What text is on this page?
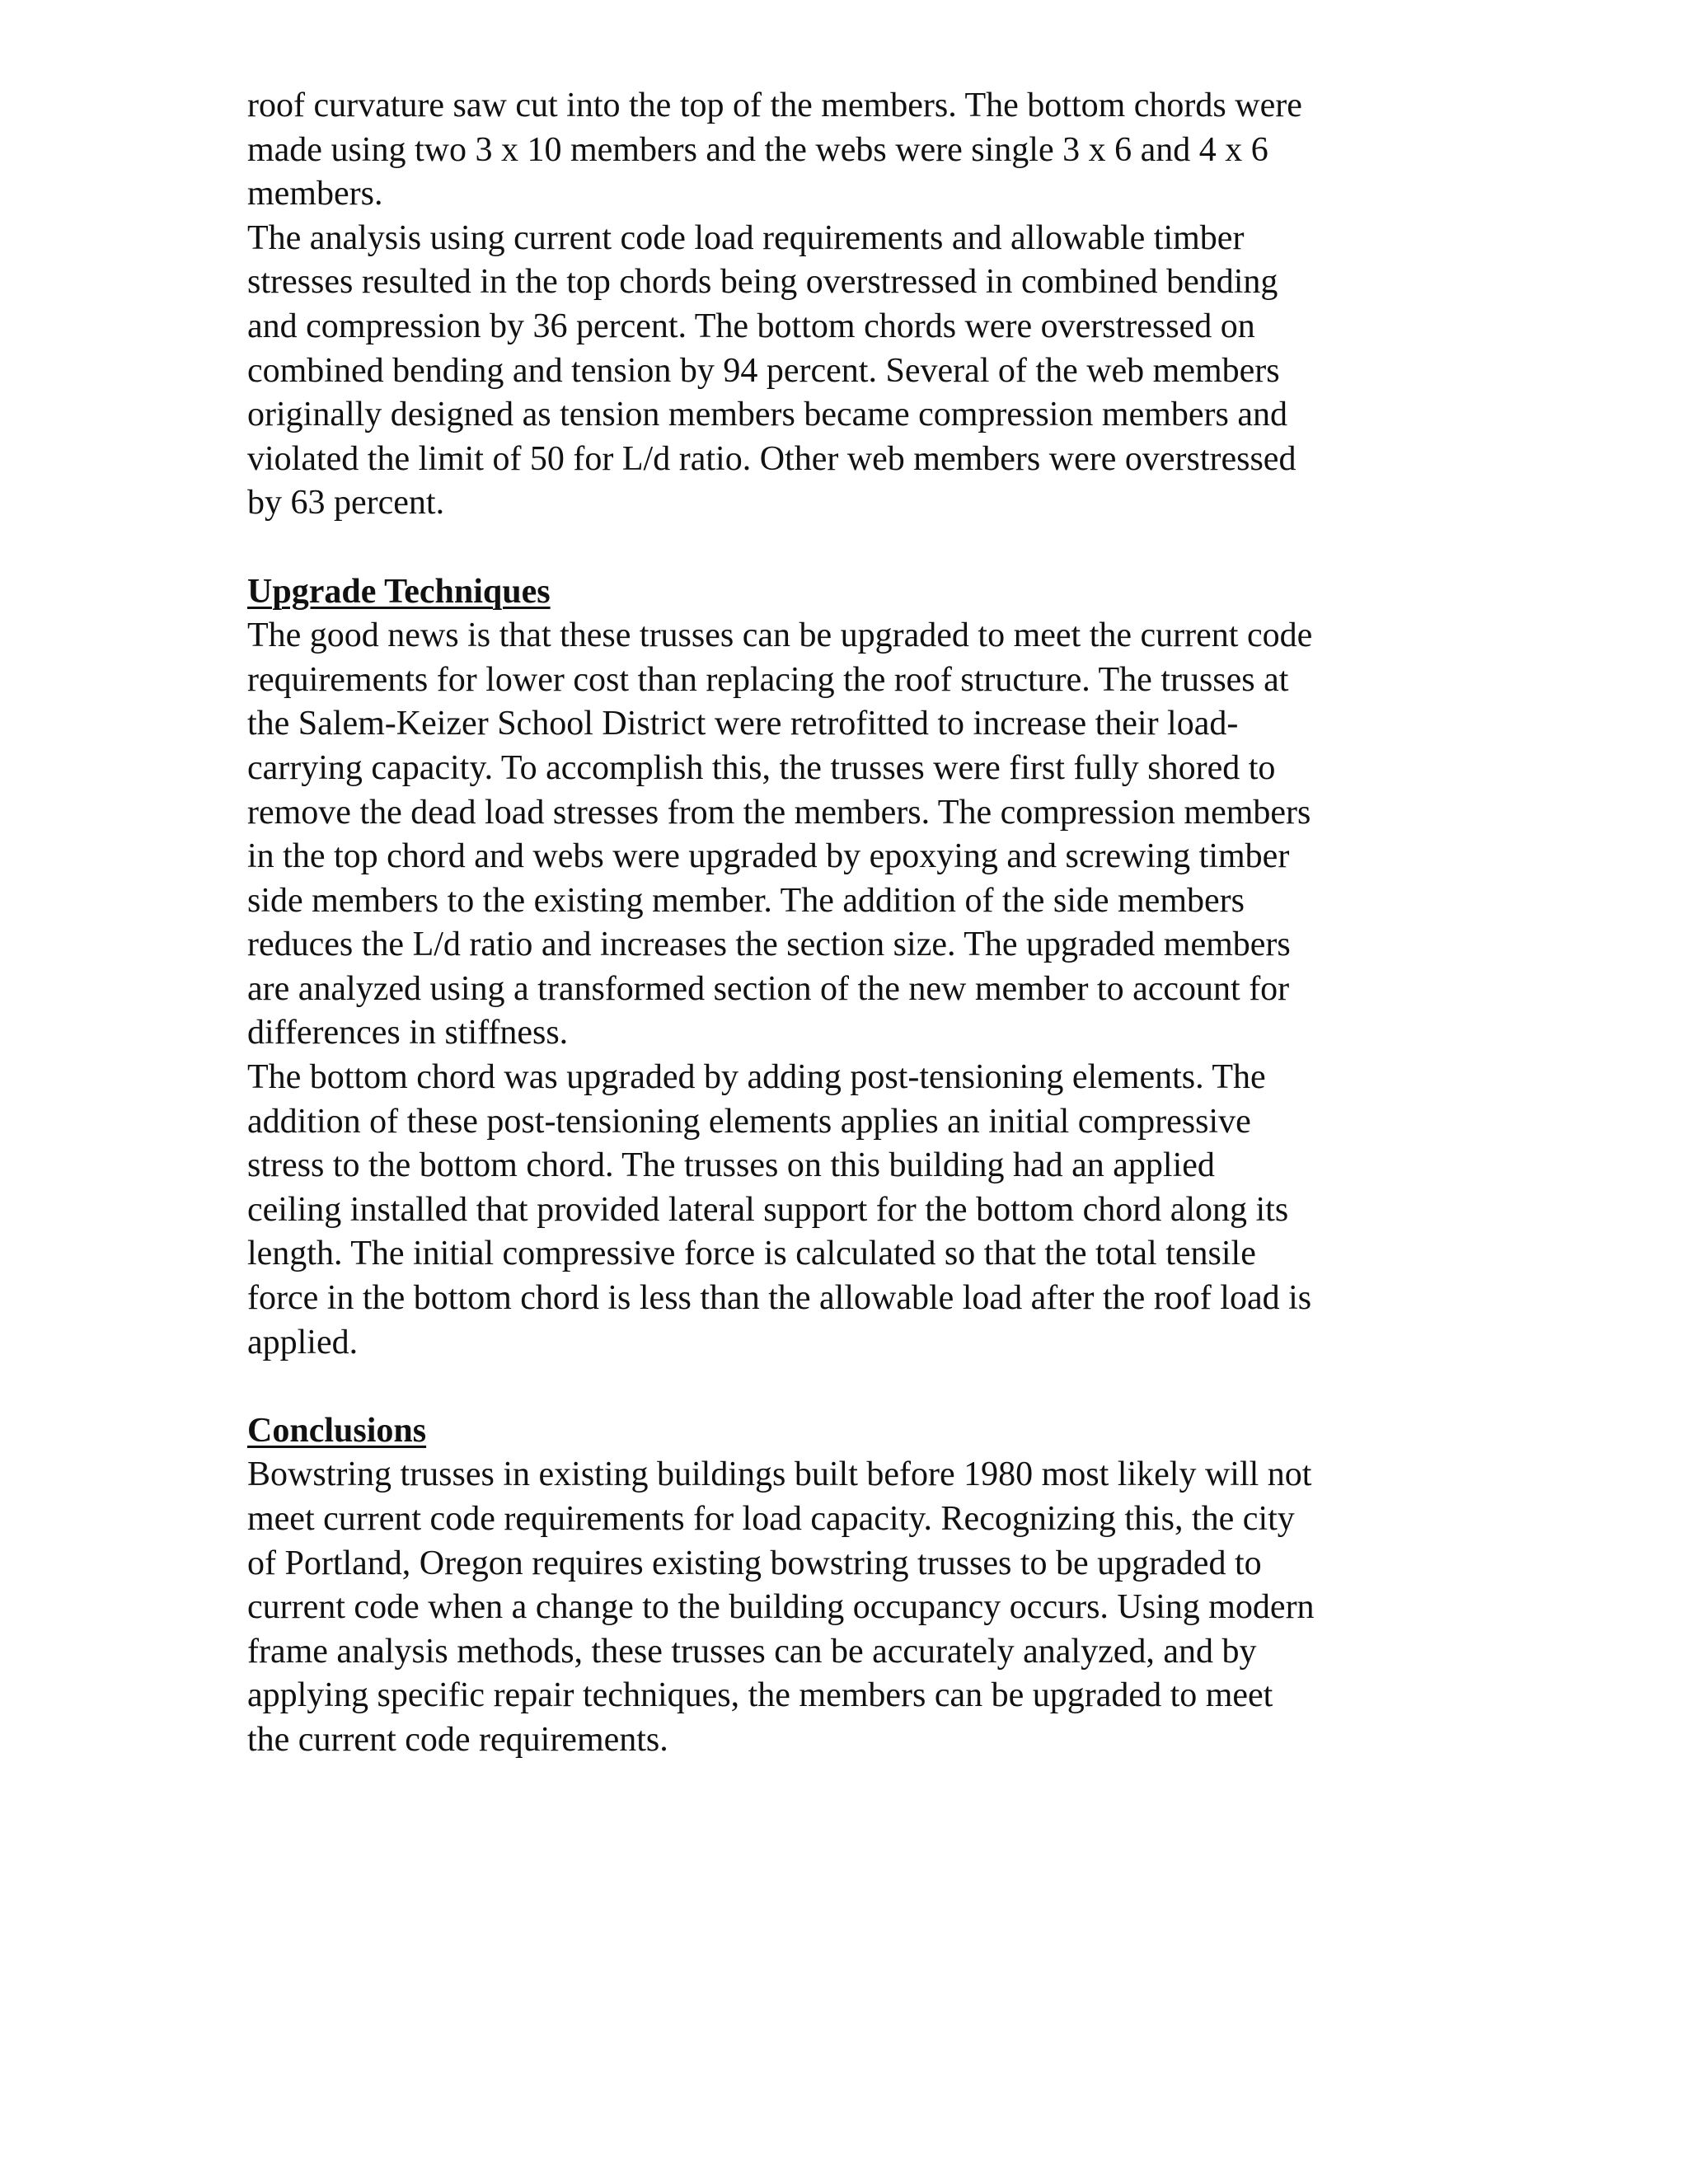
roof curvature saw cut into the top of the members. The bottom chords were
made using two 3 x 10 members and the webs were single 3 x 6 and 4 x 6
members.

The analysis using current code load requirements and allowable timber
stresses resulted in the top chords being overstressed in combined bending
and compression by 36 percent. The bottom chords were overstressed on
combined bending and tension by 94 percent. Several of the web members
originally designed as tension members became compression members and
violated the limit of 50 for L/d ratio. Other web members were overstressed
by 63 percent.

Upgrade Techniques

The good news is that these trusses can be upgraded to meet the current code
requirements for lower cost than replacing the roof structure. The trusses at
the Salem-Keizer School District were retrofitted to increase their load-
carrying capacity. To accomplish this, the trusses were first fully shored to
remove the dead load stresses from the members. The compression members
in the top chord and webs were upgraded by epoxying and screwing timber
side members to the existing member. The addition of the side members
reduces the L/d ratio and increases the section size. The upgraded members
are analyzed using a transformed section of the new member to account for
differences in stiffness.

The bottom chord was upgraded by adding post-tensioning elements. The
addition of these post-tensioning elements applies an initial compressive
stress to the bottom chord. The trusses on this building had an applied
ceiling installed that provided lateral support for the bottom chord along its
length. The initial compressive force is calculated so that the total tensile
force in the bottom chord is less than the allowable load after the roof load is
applied.

Conclusions

Bowstring trusses in existing buildings built before 1980 most likely will not
meet current code requirements for load capacity. Recognizing this, the city
of Portland, Oregon requires existing bowstring trusses to be upgraded to
current code when a change to the building occupancy occurs. Using modern
frame analysis methods, these trusses can be accurately analyzed, and by
applying specific repair techniques, the members can be upgraded to meet
the current code requirements.
